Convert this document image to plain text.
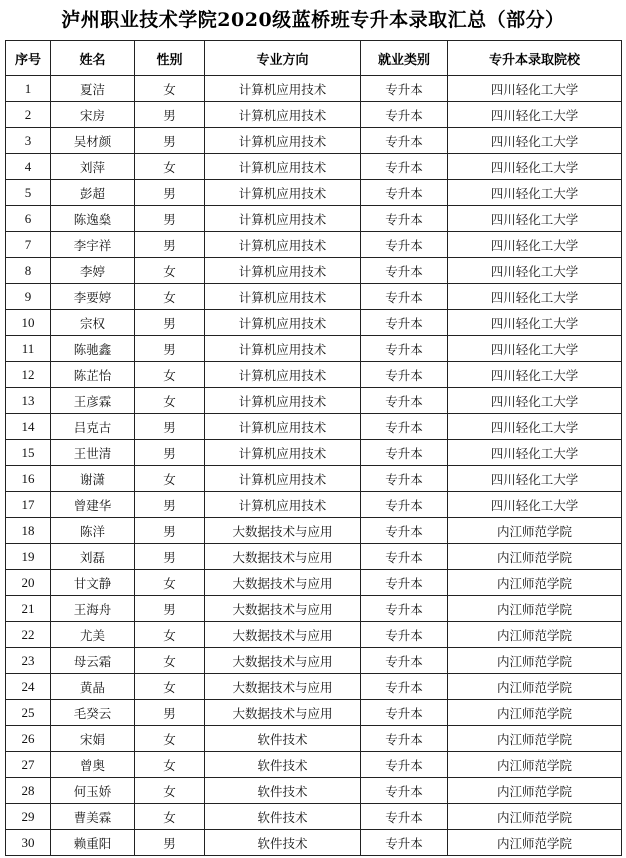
泸州职业技术学院2020级蓝桥班专升本录取汇总（部分）
序号	姓名	性别	专业方向	就业类别	专升本录取院校
1	夏洁	女	计算机应用技术	专升本	四川轻化工大学
2	宋房	男	计算机应用技术	专升本	四川轻化工大学
3	吴材颜	男	计算机应用技术	专升本	四川轻化工大学
4	刘萍	女	计算机应用技术	专升本	四川轻化工大学
5	彭超	男	计算机应用技术	专升本	四川轻化工大学
6	陈逸燊	男	计算机应用技术	专升本	四川轻化工大学
7	李宇祥	男	计算机应用技术	专升本	四川轻化工大学
8	李婷	女	计算机应用技术	专升本	四川轻化工大学
9	李要婷	女	计算机应用技术	专升本	四川轻化工大学
10	宗权	男	计算机应用技术	专升本	四川轻化工大学
11	陈驰鑫	男	计算机应用技术	专升本	四川轻化工大学
12	陈芷怡	女	计算机应用技术	专升本	四川轻化工大学
13	王彦霖	女	计算机应用技术	专升本	四川轻化工大学
14	吕克古	男	计算机应用技术	专升本	四川轻化工大学
15	王世清	男	计算机应用技术	专升本	四川轻化工大学
16	谢潇	女	计算机应用技术	专升本	四川轻化工大学
17	曾建华	男	计算机应用技术	专升本	四川轻化工大学
18	陈洋	男	大数据技术与应用	专升本	内江师范学院
19	刘磊	男	大数据技术与应用	专升本	内江师范学院
20	甘文静	女	大数据技术与应用	专升本	内江师范学院
21	王海舟	男	大数据技术与应用	专升本	内江师范学院
22	尤美	女	大数据技术与应用	专升本	内江师范学院
23	母云霜	女	大数据技术与应用	专升本	内江师范学院
24	黄晶	女	大数据技术与应用	专升本	内江师范学院
25	毛癸云	男	大数据技术与应用	专升本	内江师范学院
26	宋娟	女	软件技术	专升本	内江师范学院
27	曾奥	女	软件技术	专升本	内江师范学院
28	何玉娇	女	软件技术	专升本	内江师范学院
29	曹美霖	女	软件技术	专升本	内江师范学院
30	赖重阳	男	软件技术	专升本	内江师范学院
